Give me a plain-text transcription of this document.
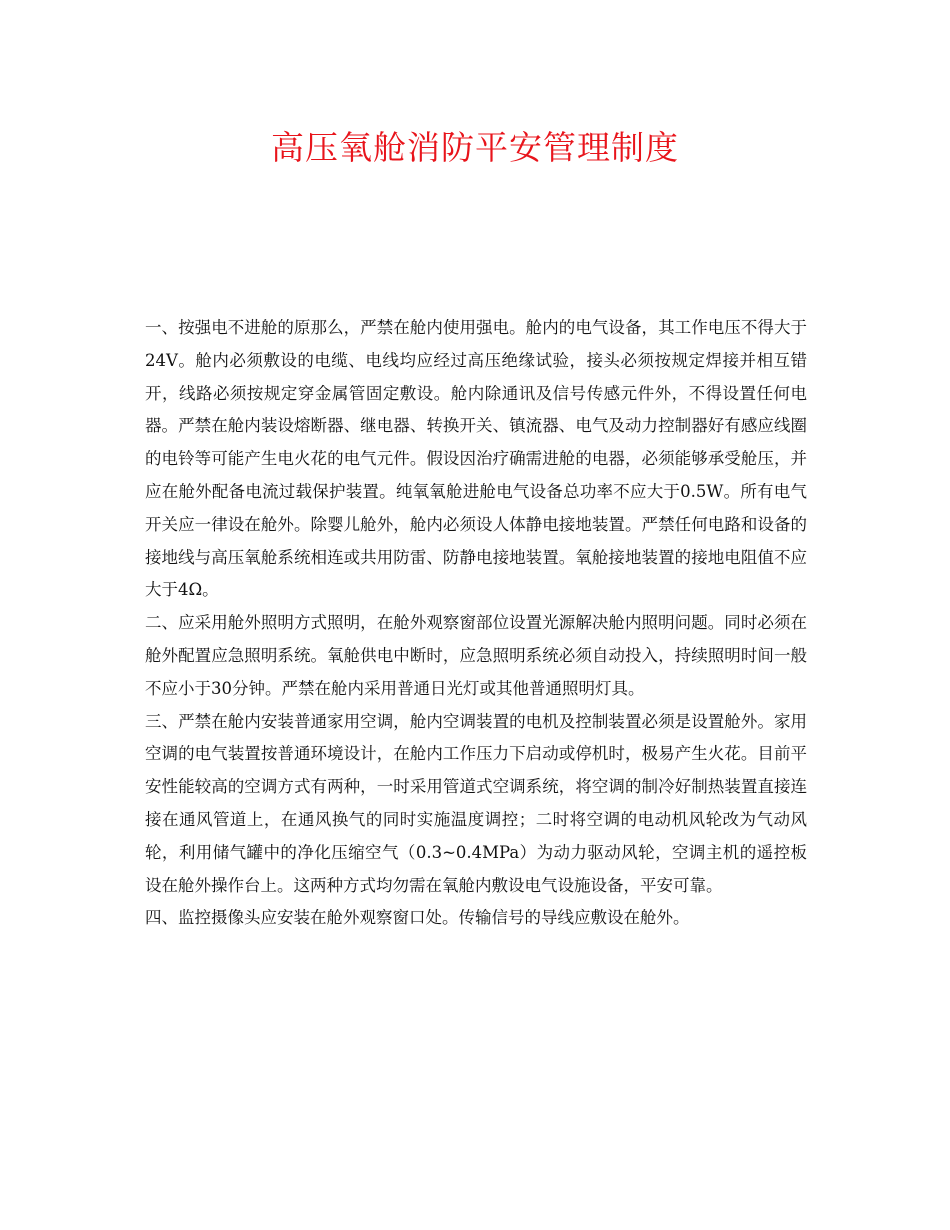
高压氧舱消防平安管理制度

一、按强电不进舱的原那么，严禁在舱内使用强电。舱内的电气设备，其工作电压不得大于24V。舱内必须敷设的电缆、电线均应经过高压绝缘试验，接头必须按规定焊接并相互错开，线路必须按规定穿金属管固定敷设。舱内除通讯及信号传感元件外，不得设置任何电器。严禁在舱内装设熔断器、继电器、转换开关、镇流器、电气及动力控制器好有感应线圈的电铃等可能产生电火花的电气元件。假设因治疗确需进舱的电器，必须能够承受舱压，并应在舱外配备电流过载保护装置。纯氧氧舱进舱电气设备总功率不应大于0.5W。所有电气开关应一律设在舱外。除婴儿舱外，舱内必须设人体静电接地装置。严禁任何电路和设备的接地线与高压氧舱系统相连或共用防雷、防静电接地装置。氧舱接地装置的接地电阻值不应大于4Ω。

二、应采用舱外照明方式照明，在舱外观察窗部位设置光源解决舱内照明问题。同时必须在舱外配置应急照明系统。氧舱供电中断时，应急照明系统必须自动投入，持续照明时间一般不应小于30分钟。严禁在舱内采用普通日光灯或其他普通照明灯具。

三、严禁在舱内安装普通家用空调，舱内空调装置的电机及控制装置必须是设置舱外。家用空调的电气装置按普通环境设计，在舱内工作压力下启动或停机时，极易产生火花。目前平安性能较高的空调方式有两种，一时采用管道式空调系统，将空调的制冷好制热装置直接连接在通风管道上，在通风换气的同时实施温度调控；二时将空调的电动机风轮改为气动风轮，利用储气罐中的净化压缩空气（0.3~0.4MPa）为动力驱动风轮，空调主机的遥控板设在舱外操作台上。这两种方式均勿需在氧舱内敷设电气设施设备，平安可靠。

四、监控摄像头应安装在舱外观察窗口处。传输信号的导线应敷设在舱外。
